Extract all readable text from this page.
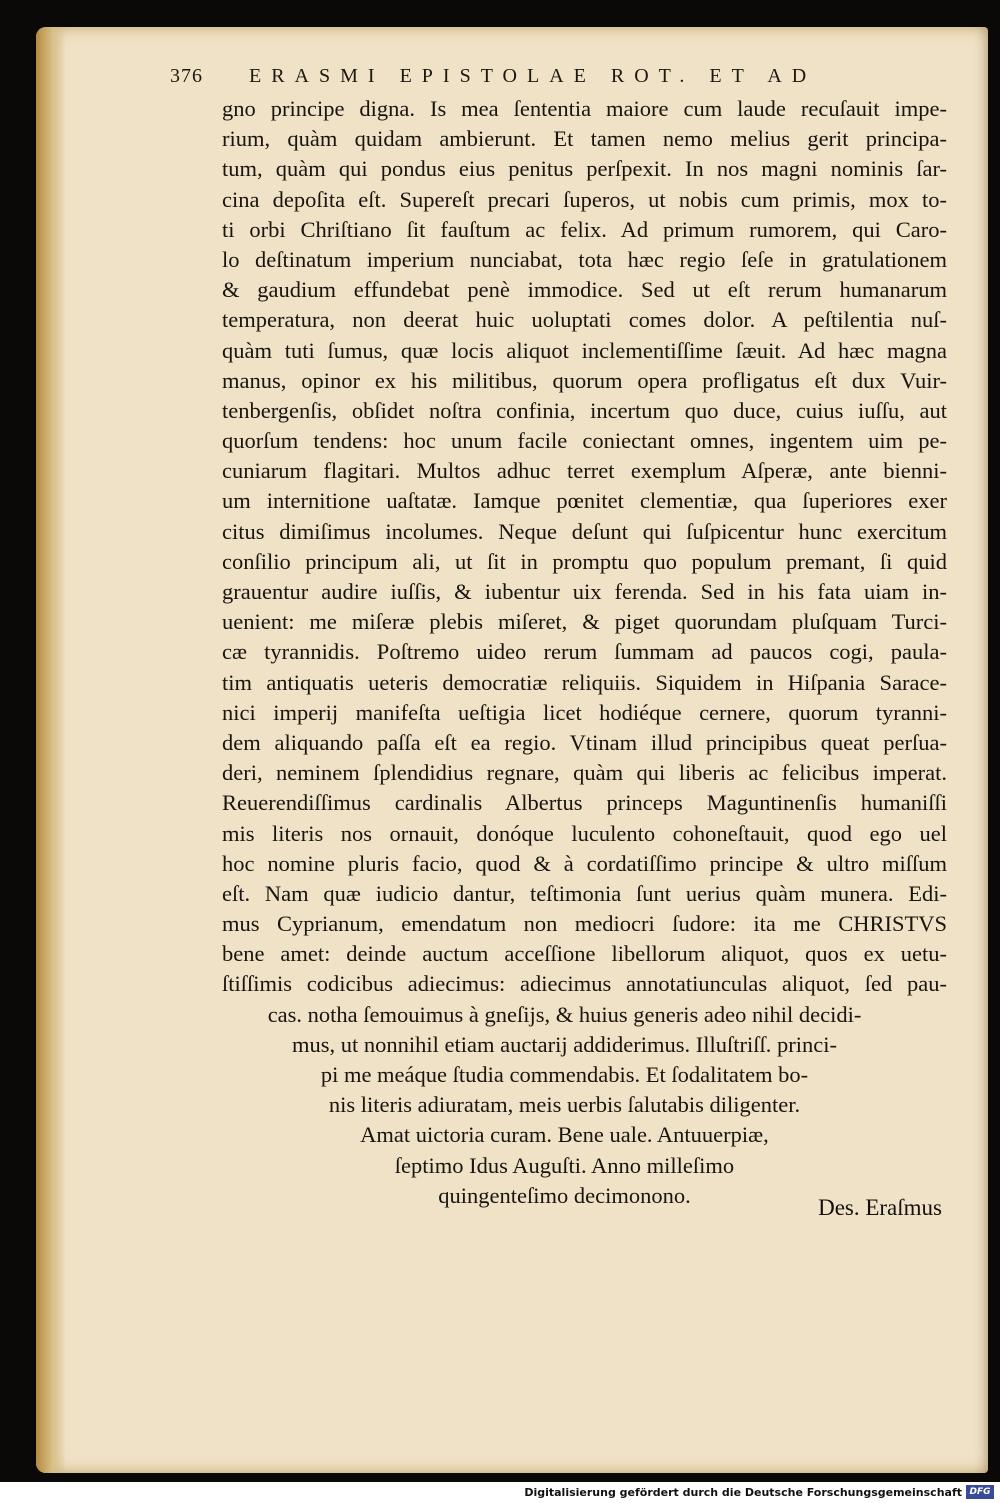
376 ERASMI EPISTOLAE ROT. ET AD
gno principe digna. Is mea ſententia maiore cum laude recuſauit impe-
rium, quàm quidam ambierunt. Et tamen nemo melius gerit principa-
tum, quàm qui pondus eius penitus perſpexit. In nos magni nominis ſar-
cina depoſita eſt. Supereſt precari ſuperos, ut nobis cum primis, mox to-
ti orbi Chriſtiano ſit fauſtum ac felix. Ad primum rumorem, qui Caro-
lo deſtinatum imperium nunciabat, tota hæc regio ſeſe in gratulationem
& gaudium effundebat penè immodice. Sed ut eſt rerum humanarum
temperatura, non deerat huic uoluptati comes dolor. A peſtilentia nuſ-
quàm tuti ſumus, quæ locis aliquot inclementiſſime ſæuit. Ad hæc magna
manus, opinor ex his militibus, quorum opera profligatus eſt dux Vuir-
tenbergenſis, obſidet noſtra confinia, incertum quo duce, cuius iuſſu, aut
quorſum tendens: hoc unum facile coniectant omnes, ingentem uim pe-
cuniarum flagitari. Multos adhuc terret exemplum Aſperæ, ante bienni-
um internitione uaſtatæ. Iamque pœnitet clementiæ, qua ſuperiores exer
citus dimiſimus incolumes. Neque deſunt qui ſuſpicentur hunc exercitum
conſilio principum ali, ut ſit in promptu quo populum premant, ſi quid
grauentur audire iuſſis, & iubentur uix ferenda. Sed in his fata uiam in-
uenient: me miſeræ plebis miſeret, & piget quorundam pluſquam Turci-
cæ tyrannidis. Poſtremo uideo rerum ſummam ad paucos cogi, paula-
tim antiquatis ueteris democratiæ reliquiis. Siquidem in Hiſpania Sarace-
nici imperij manifeſta ueſtigia licet hodiéque cernere, quorum tyranni-
dem aliquando paſſa eſt ea regio. Vtinam illud principibus queat perſua-
deri, neminem ſplendidius regnare, quàm qui liberis ac felicibus imperat.
Reuerendiſſimus cardinalis Albertus princeps Maguntinenſis humaniſſi
mis literis nos ornauit, donóque luculento cohoneſtauit, quod ego uel
hoc nomine pluris facio, quod & à cordatiſſimo principe & ultro miſſum
eſt. Nam quæ iudicio dantur, teſtimonia ſunt uerius quàm munera. Edi-
mus Cyprianum, emendatum non mediocri ſudore: ita me CHRISTVS
bene amet: deinde auctum acceſſione libellorum aliquot, quos ex uetu-
ſtiſſimis codicibus adiecimus: adiecimus annotatiunculas aliquot, ſed pau-
cas. notha ſemouimus à gneſijs, & huius generis adeo nihil decidi-
mus, ut nonnihil etiam auctarij addiderimus. Illuſtriſſ. princi-
pi me meáque ſtudia commendabis. Et ſodalitatem bo-
nis literis adiuratam, meis uerbis ſalutabis diligenter.
Amat uictoria curam. Bene uale. Antuuerpiæ,
ſeptimo Idus Auguſti. Anno milleſimo
quingenteſimo decimonono.	Des. Eraſmus
Digitalisierung gefördert durch die Deutsche Forschungsgemeinschaft DFG
